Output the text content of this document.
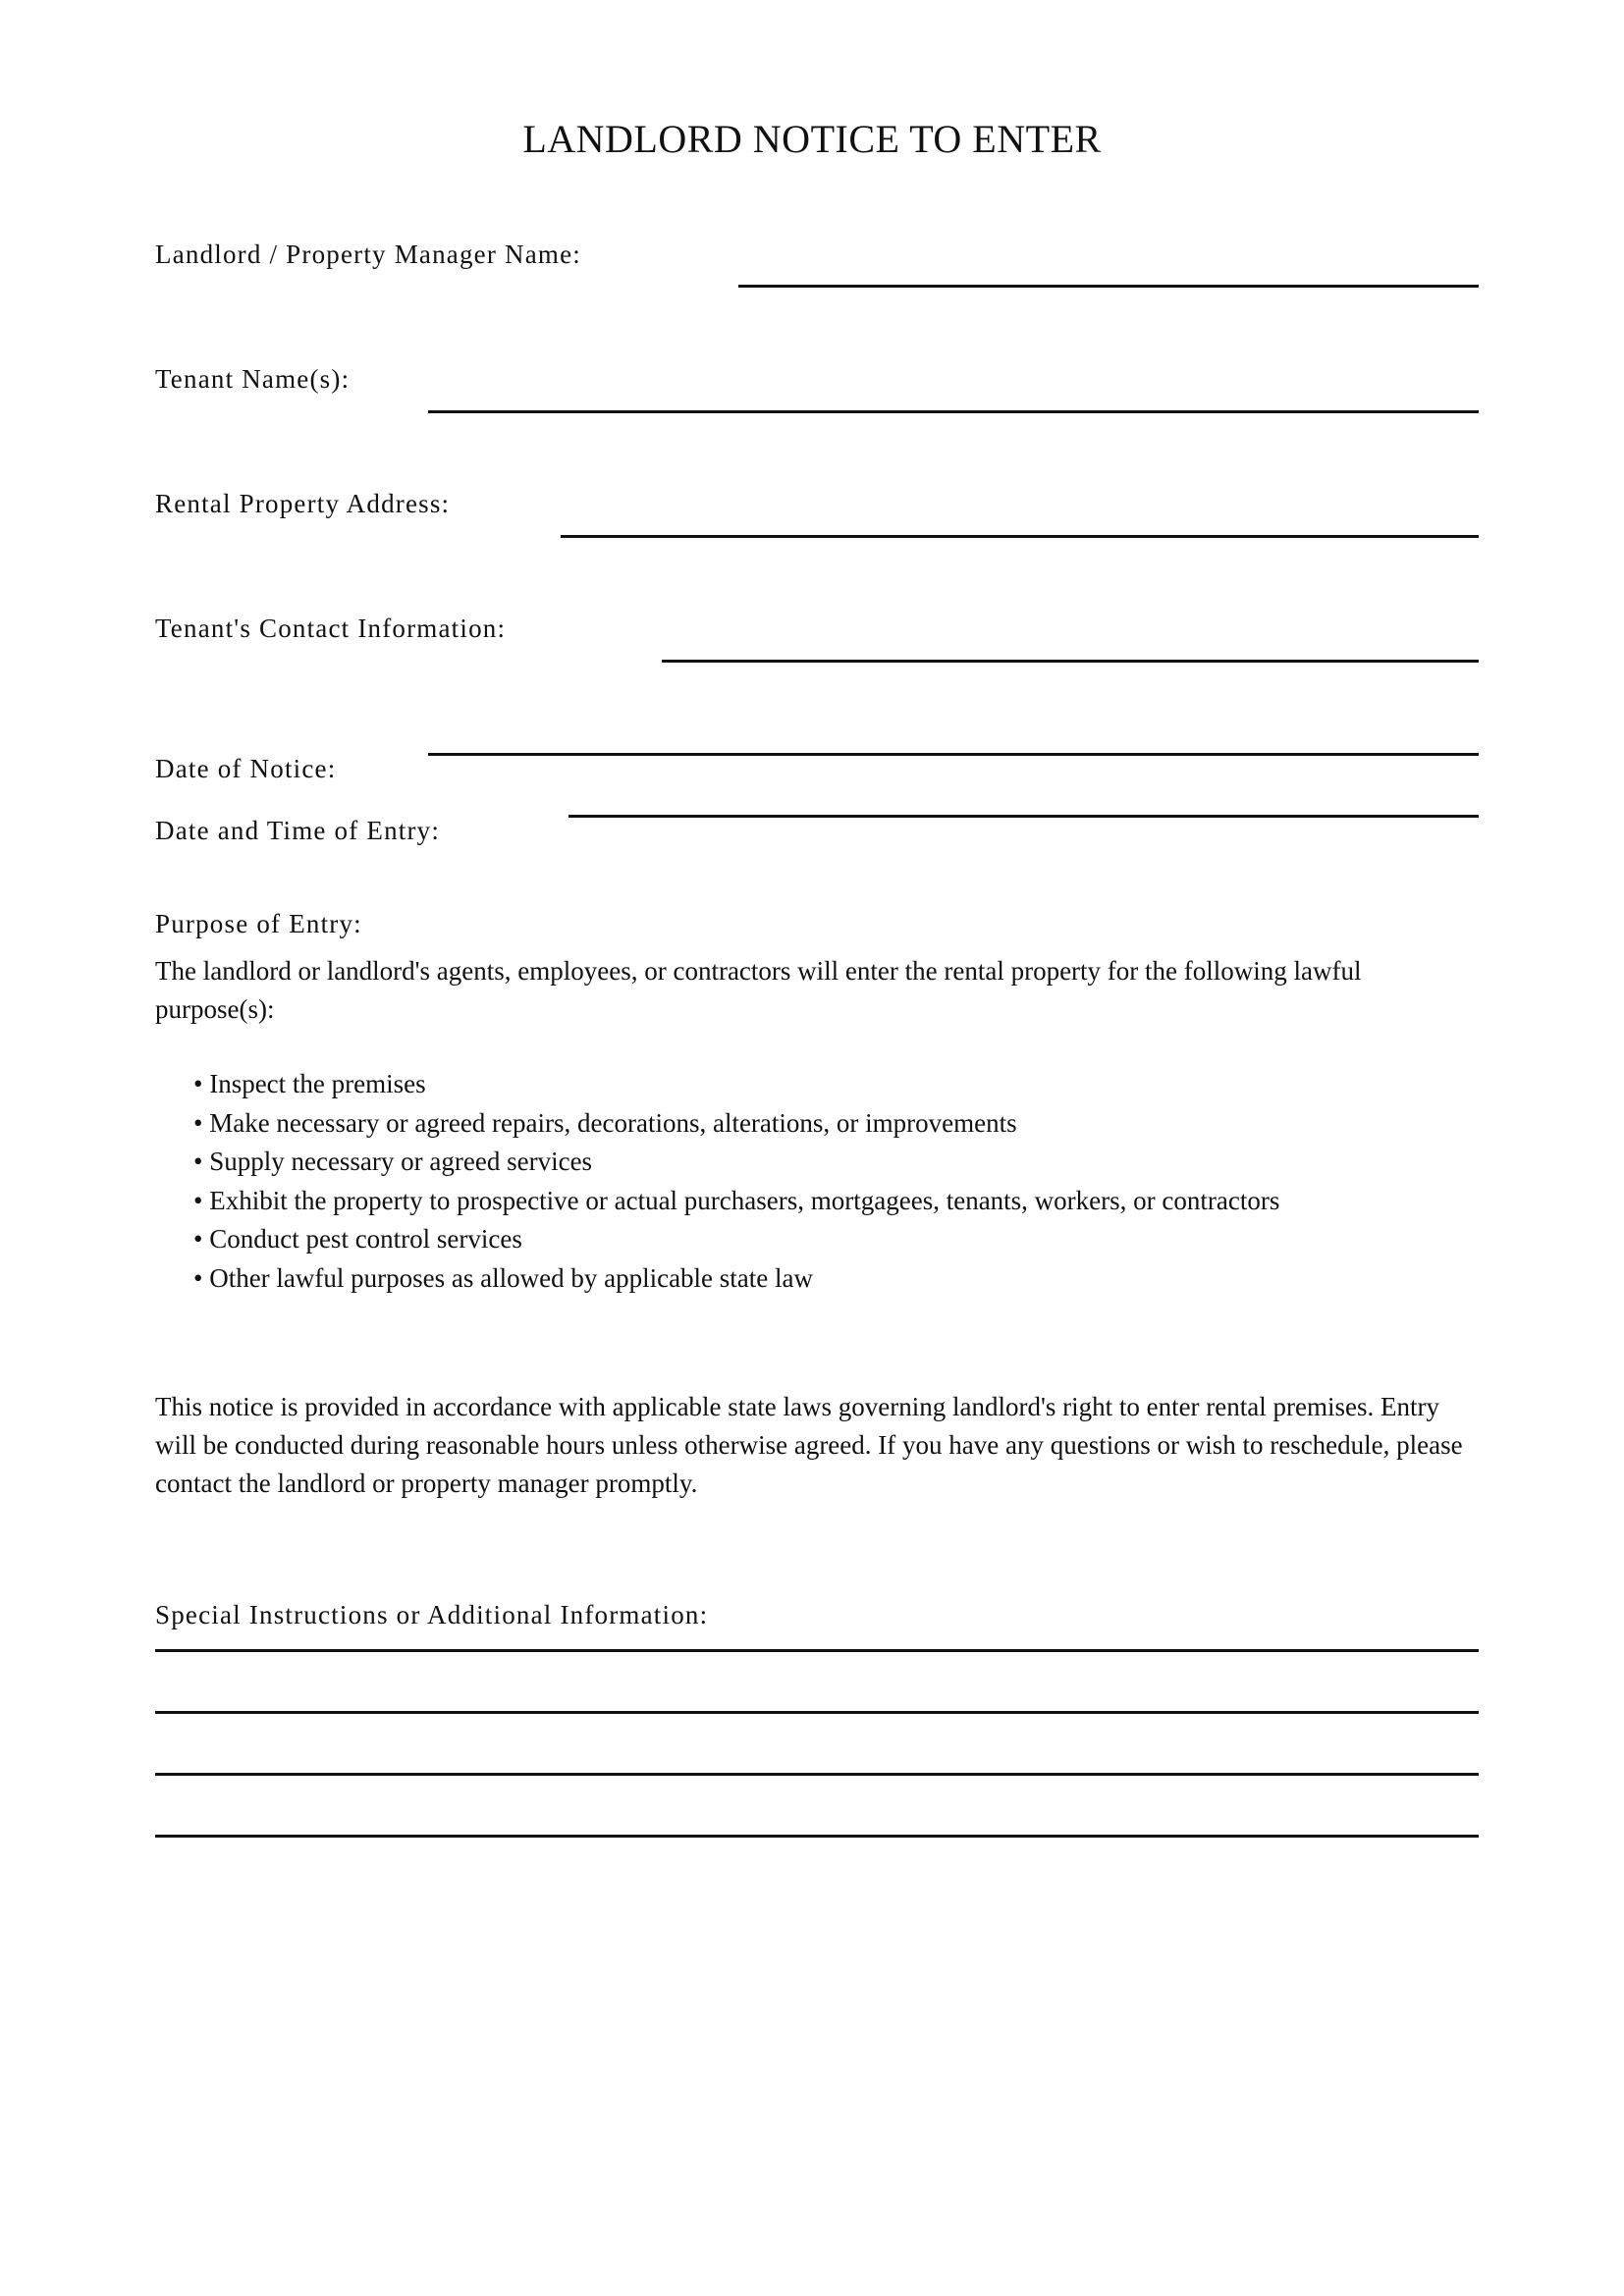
LANDLORD NOTICE TO ENTER
Landlord / Property Manager Name:
Tenant Name(s):
Rental Property Address:
Tenant's Contact Information:
Date of Notice:
Date and Time of Entry:
Purpose of Entry:
The landlord or landlord's agents, employees, or contractors will enter the rental property for the following lawful purpose(s):
• Inspect the premises
• Make necessary or agreed repairs, decorations, alterations, or improvements
• Supply necessary or agreed services
• Exhibit the property to prospective or actual purchasers, mortgagees, tenants, workers, or contractors
• Conduct pest control services
• Other lawful purposes as allowed by applicable state law
This notice is provided in accordance with applicable state laws governing landlord's right to enter rental premises. Entry will be conducted during reasonable hours unless otherwise agreed. If you have any questions or wish to reschedule, please contact the landlord or property manager promptly.
Special Instructions or Additional Information:
